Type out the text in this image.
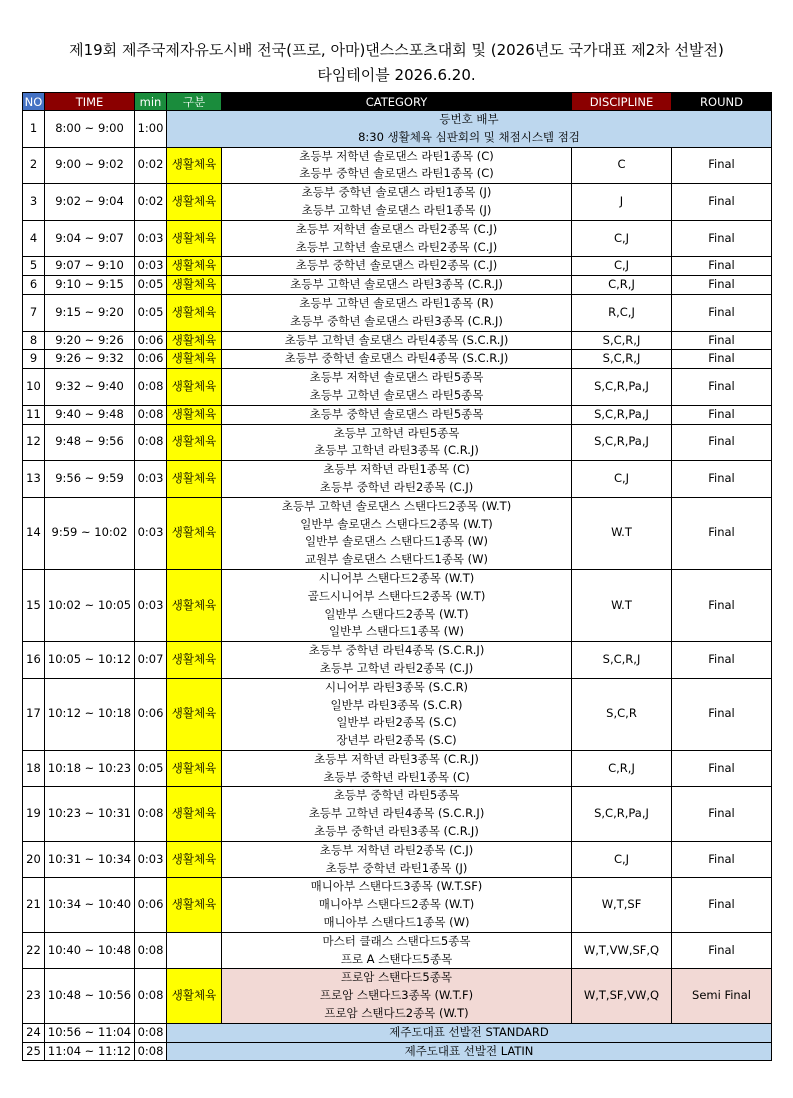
제19회 제주국제자유도시배 전국(프로, 아마)댄스스포츠대회 및 (2026년도 국가대표 제2차 선발전)
타임테이블 2026.6.20.
NO	TIME	min	구분	CATEGORY	DISCIPLINE	ROUND
1	8:00 ~ 9:00	1:00	등번호 배부
8:30 생활체육 심판회의 및 채점시스템 점검			

2	9:00 ~ 9:02	0:02	생활체육	초등부 저학년 솔로댄스 라틴1종목 (C)
초등부 중학년 솔로댄스 라틴1종목 (C)	C	Final
3	9:02 ~ 9:04	0:02	생활체육	초등부 중학년 솔로댄스 라틴1종목 (J)
초등부 고학년 솔로댄스 라틴1종목 (J)	J	Final
4	9:04 ~ 9:07	0:03	생활체육	초등부 저학년 솔로댄스 라틴2종목 (C.J)
초등부 고학년 솔로댄스 라틴2종목 (C.J)	C,J	Final
5	9:07 ~ 9:10	0:03	생활체육	초등부 중학년 솔로댄스 라틴2종목 (C.J)	C,J	Final
6	9:10 ~ 9:15	0:05	생활체육	초등부 고학년 솔로댄스 라틴3종목 (C.R.J)	C,R,J	Final
7	9:15 ~ 9:20	0:05	생활체육	초등부 고학년 솔로댄스 라틴1종목 (R)
초등부 중학년 솔로댄스 라틴3종목 (C.R.J)	R,C,J	Final
8	9:20 ~ 9:26	0:06	생활체육	초등부 고학년 솔로댄스 라틴4종목 (S.C.R.J)	S,C,R,J	Final
9	9:26 ~ 9:32	0:06	생활체육	초등부 중학년 솔로댄스 라틴4종목 (S.C.R.J)	S,C,R,J	Final
10	9:32 ~ 9:40	0:08	생활체육	초등부 저학년 솔로댄스 라틴5종목
초등부 고학년 솔로댄스 라틴5종목	S,C,R,Pa,J	Final
11	9:40 ~ 9:48	0:08	생활체육	초등부 중학년 솔로댄스 라틴5종목	S,C,R,Pa,J	Final
12	9:48 ~ 9:56	0:08	생활체육	초등부 고학년 라틴5종목
초등부 고학년 라틴3종목 (C.R.J)	S,C,R,Pa,J	Final
13	9:56 ~ 9:59	0:03	생활체육	초등부 저학년 라틴1종목 (C)
초등부 중학년 라틴2종목 (C.J)	C,J	Final
14	9:59 ~ 10:02	0:03	생활체육	초등부 고학년 솔로댄스 스탠다드2종목 (W.T)
일반부 솔로댄스 스탠다드2종목 (W.T)
일반부 솔로댄스 스탠다드1종목 (W)
교원부 솔로댄스 스탠다드1종목 (W)	W.T	Final
15	10:02 ~ 10:05	0:03	생활체육	시니어부 스탠다드2종목 (W.T)
골드시니어부 스탠다드2종목 (W.T)
일반부 스탠다드2종목 (W.T)
일반부 스탠다드1종목 (W)	W.T	Final
16	10:05 ~ 10:12	0:07	생활체육	초등부 중학년 라틴4종목 (S.C.R.J)
초등부 고학년 라틴2종목 (C.J)	S,C,R,J	Final
17	10:12 ~ 10:18	0:06	생활체육	시니어부 라틴3종목 (S.C.R)
일반부 라틴3종목 (S.C.R)
일반부 라틴2종목 (S.C)
장년부 라틴2종목 (S.C)	S,C,R	Final
18	10:18 ~ 10:23	0:05	생활체육	초등부 저학년 라틴3종목 (C.R.J)
초등부 중학년 라틴1종목 (C)	C,R,J	Final
19	10:23 ~ 10:31	0:08	생활체육	초등부 중학년 라틴5종목
초등부 고학년 라틴4종목 (S.C.R.J)
초등부 중학년 라틴3종목 (C.R.J)	S,C,R,Pa,J	Final
20	10:31 ~ 10:34	0:03	생활체육	초등부 저학년 라틴2종목 (C.J)
초등부 중학년 라틴1종목 (J)	C,J	Final
21	10:34 ~ 10:40	0:06	생활체육	매니아부 스탠다드3종목 (W.T.SF)
매니아부 스탠다드2종목 (W.T)
매니아부 스탠다드1종목 (W)	W,T,SF	Final
22	10:40 ~ 10:48	0:08		마스터 클래스 스탠다드5종목
프로 A 스탠다드5종목	W,T,VW,SF,Q	Final
23	10:48 ~ 10:56	0:08	생활체육	프로암 스탠다드5종목
프로암 스탠다드3종목 (W.T.F)
프로암 스탠다드2종목 (W.T)	W,T,SF,VW,Q	Semi Final
24	10:56 ~ 11:04	0:08	제주도대표 선발전 STANDARD			

25	11:04 ~ 11:12	0:08	제주도대표 선발전 LATIN			
